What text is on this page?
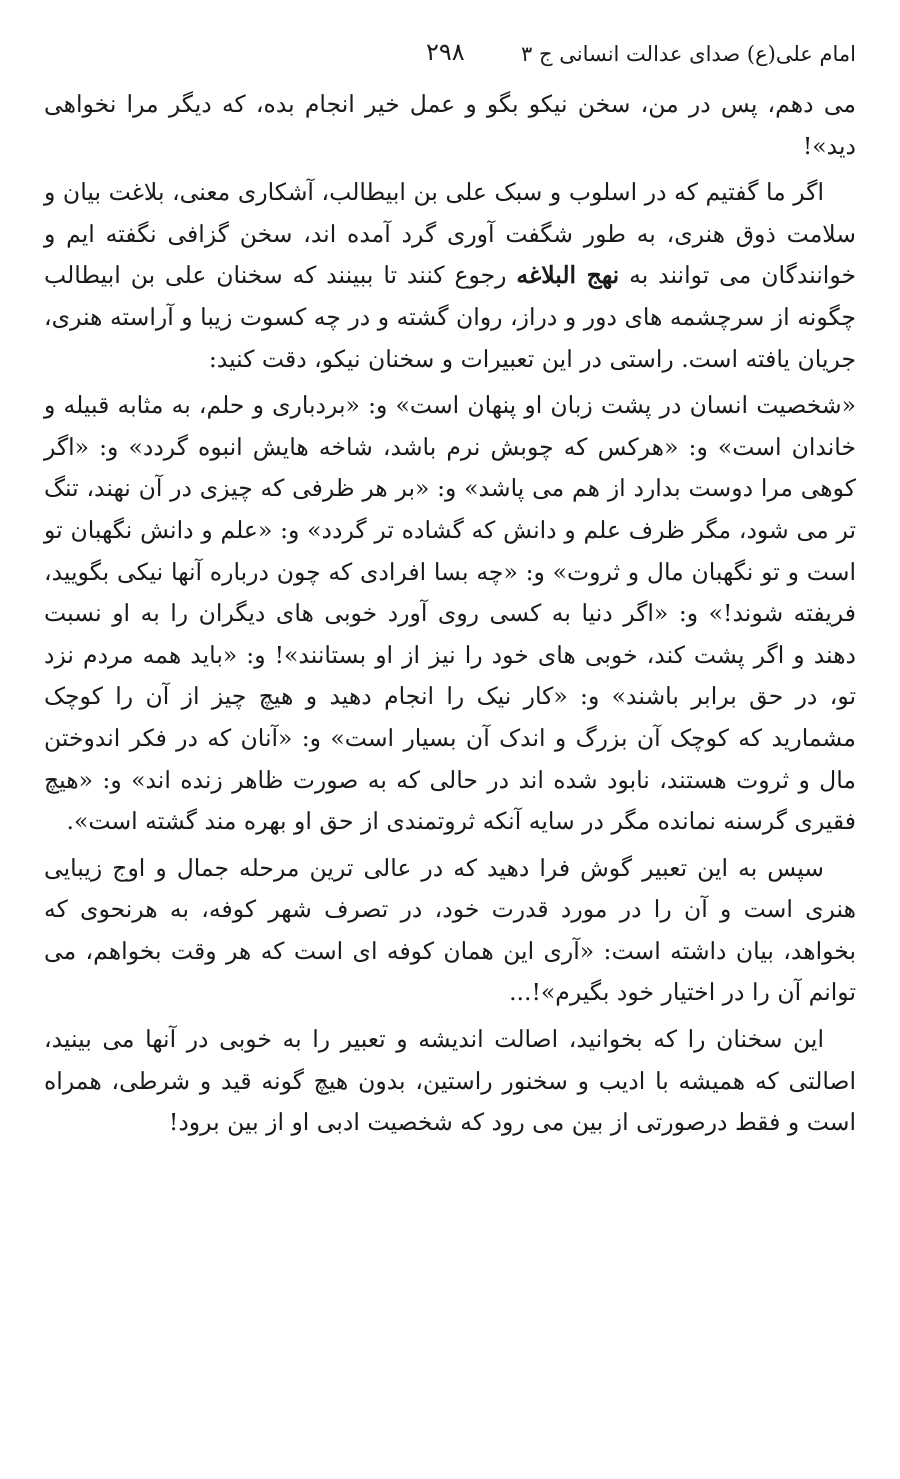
امام علی(ع) صدای عدالت انسانی ج ۳
۲۹۸

می دهم، پس در من، سخن نیکو بگو و عمل خیر انجام بده، که دیگر مرا نخواهی دید»!

اگر ما گفتیم که در اسلوب و سبک علی بن ابیطالب، آشکاری معنی، بلاغت بیان و سلامت ذوق هنری، به طور شگفت آوری گرد آمده اند، سخن گزافی نگفته ایم و خوانندگان می توانند به نهج البلاغه رجوع کنند تا ببینند که سخنان علی بن ابیطالب چگونه از سرچشمه های دور و دراز، روان گشته و در چه کسوت زیبا و آراسته هنری، جریان یافته است. راستی در این تعبیرات و سخنان نیکو، دقت کنید:

«شخصیت انسان در پشت زبان او پنهان است» و: «بردباری و حلم، به مثابه قبیله و خاندان است» و: «هرکس که چوبش نرم باشد، شاخه هایش انبوه گردد» و: «اگر کوهی مرا دوست بدارد از هم می پاشد» و: «بر هر ظرفی که چیزی در آن نهند، تنگ تر می شود، مگر ظرف علم و دانش که گشاده تر گردد» و: «علم و دانش نگهبان تو است و تو نگهبان مال و ثروت» و: «چه بسا افرادی که چون درباره آنها نیکی بگویید، فریفته شوند!» و: «اگر دنیا به کسی روی آورد خوبی های دیگران را به او نسبت دهند و اگر پشت کند، خوبی های خود را نیز از او بستانند»! و: «باید همه مردم نزد تو، در حق برابر باشند» و: «کار نیک را انجام دهید و هیچ چیز از آن را کوچک مشمارید که کوچک آن بزرگ و اندک آن بسیار است» و: «آنان که در فکر اندوختن مال و ثروت هستند، نابود شده اند در حالی که به صورت ظاهر زنده اند» و: «هیچ فقیری گرسنه نمانده مگر در سایه آنکه ثروتمندی از حق او بهره مند گشته است».

سپس به این تعبیر گوش فرا دهید که در عالی ترین مرحله جمال و اوج زیبایی هنری است و آن را در مورد قدرت خود، در تصرف شهر کوفه، به هرنحوی که بخواهد، بیان داشته است: «آری این همان کوفه ای است که هر وقت بخواهم، می توانم آن را در اختیار خود بگیرم»!...

این سخنان را که بخوانید، اصالت اندیشه و تعبیر را به خوبی در آنها می بینید، اصالتی که همیشه با ادیب و سخنور راستین، بدون هیچ گونه قید و شرطی، همراه است و فقط درصورتی از بین می رود که شخصیت ادبی او از بین برود!
